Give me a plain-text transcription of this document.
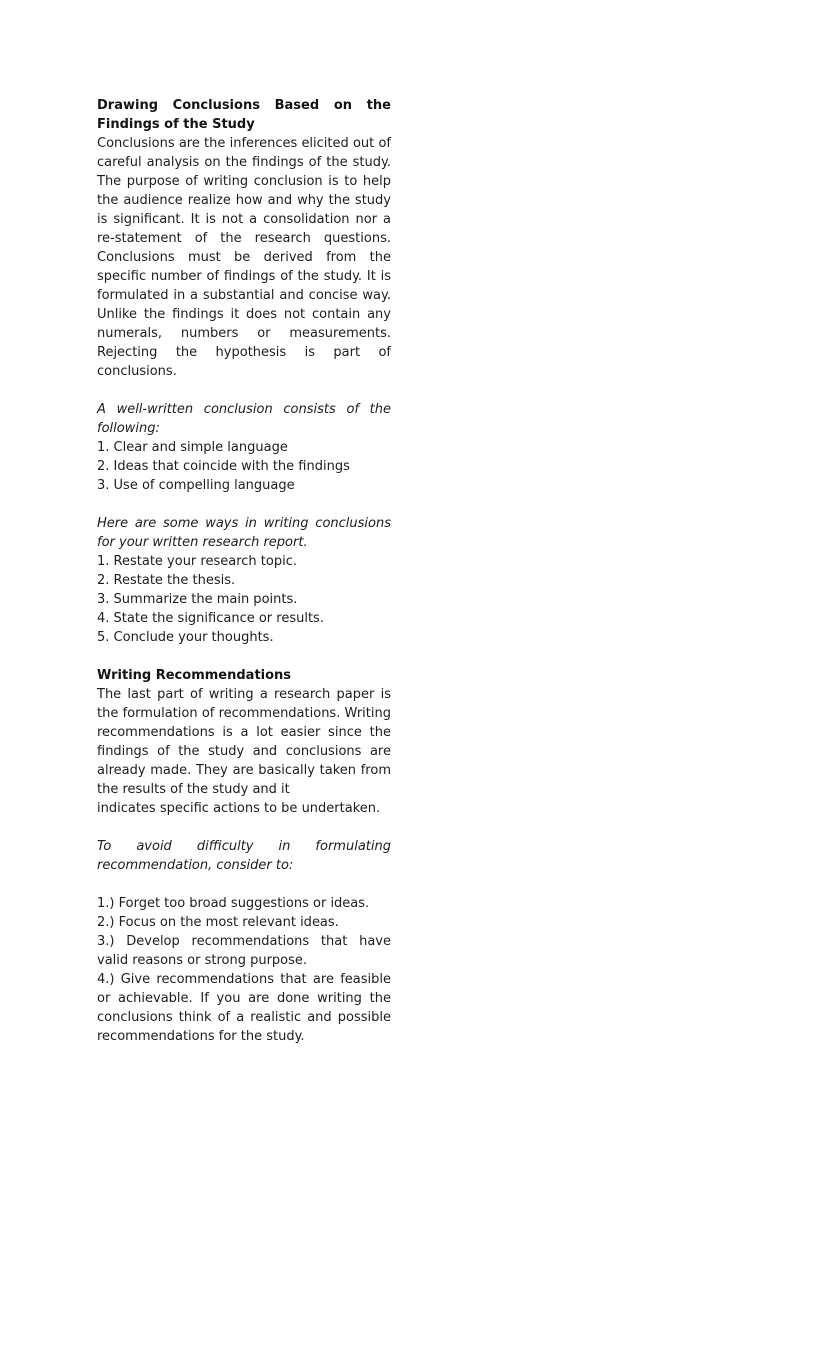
Drawing Conclusions Based on the Findings of the Study
Conclusions are the inferences elicited out of careful analysis on the findings of the study. The purpose of writing conclusion is to help the audience realize how and why the study is significant. It is not a consolidation nor a re-statement of the research questions. Conclusions must be derived from the specific number of findings of the study. It is formulated in a substantial and concise way. Unlike the findings it does not contain any numerals, numbers or measurements. Rejecting the hypothesis is part of conclusions.
A well-written conclusion consists of the following:
1. Clear and simple language
2. Ideas that coincide with the findings
3. Use of compelling language
Here are some ways in writing conclusions for your written research report.
1. Restate your research topic.
2. Restate the thesis.
3. Summarize the main points.
4. State the significance or results.
5. Conclude your thoughts.
Writing Recommendations
The last part of writing a research paper is the formulation of recommendations. Writing recommendations is a lot easier since the findings of the study and conclusions are already made. They are basically taken from the results of the study and it
indicates specific actions to be undertaken.
To avoid difficulty in formulating recommendation, consider to:
1.) Forget too broad suggestions or ideas.
2.) Focus on the most relevant ideas.
3.) Develop recommendations that have valid reasons or strong purpose.
4.) Give recommendations that are feasible or achievable. If you are done writing the conclusions think of a realistic and possible recommendations for the study.
